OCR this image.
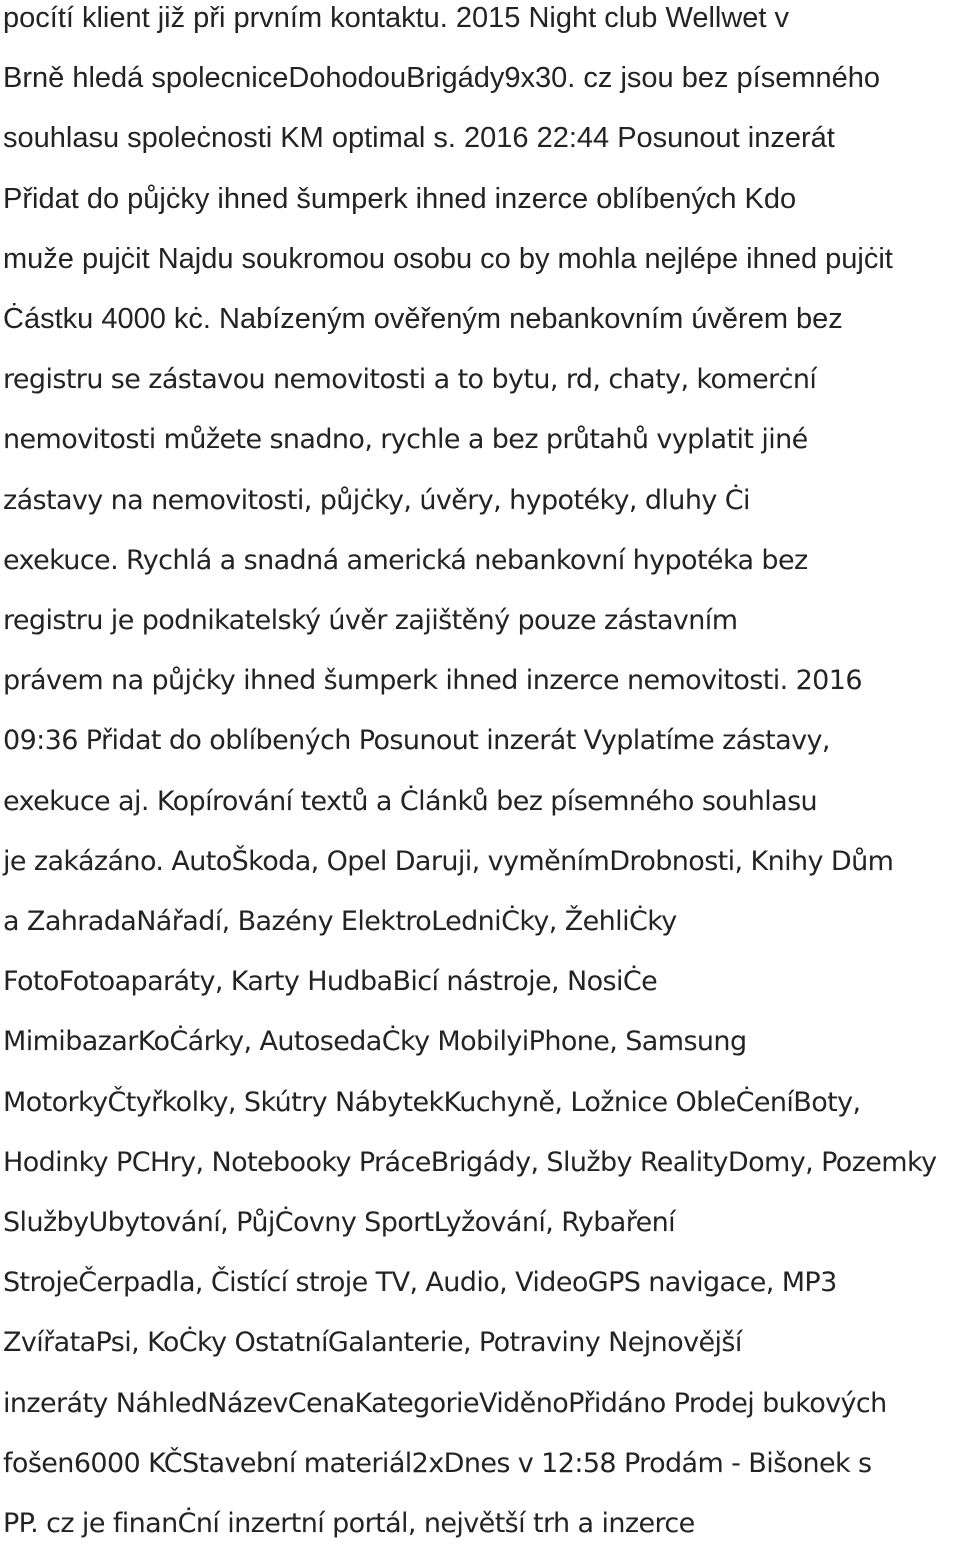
pocítí klient již při prvním kontaktu. 2015 Night club Wellwet v
Brně hledá spolecniceDohodouBrigády9x30. cz jsou bez písemného
souhlasu spoleċnosti KM optimal s. 2016 22:44 Posunout inzerát
Přidat do půjċky ihned šumperk ihned inzerce oblíbených Kdo
muže pujċit Najdu soukromou osobu co by mohla nejlépe ihned pujċit
Ċástku 4000 kċ. Nabízeným ověřeným nebankovním úvěrem bez
registru se zástavou nemovitosti a to bytu, rd, chaty, komerċní
nemovitosti můžete snadno, rychle a bez průtahů vyplatit jiné
zástavy na nemovitosti, půjċky, úvěry, hypotéky, dluhy Ċi
exekuce. Rychlá a snadná americká nebankovní hypotéka bez
registru je podnikatelský úvěr zajištěný pouze zástavním
právem na půjċky ihned šumperk ihned inzerce nemovitosti. 2016
09:36 Přidat do oblíbených Posunout inzerát Vyplatíme zástavy,
exekuce aj. Kopírování textů a Ċlánků bez písemného souhlasu
je zakázáno. AutoŠkoda, Opel Daruji, vyměnímDrobnosti, Knihy Dům
a ZahradaNářadí, Bazény ElektroLedniĊky, ŽehliĊky
FotoFotoaparáty, Karty HudbaBicí nástroje, NosiĊe
MimibazarKoĊárky, AutosedaĊky MobilyiPhone, Samsung
MotorkyČtyřkolky, Skútry NábytekKuchyně, Ložnice ObleĊeníBoty,
Hodinky PCHry, Notebooky PráceBrigády, Služby RealityDomy, Pozemky
SlužbyUbytování, PůjĊovny SportLyžování, Rybaření
StrojeČerpadla, Čistící stroje TV, Audio, VideoGPS navigace, MP3
ZvířataPsi, KoĊky OstatníGalanterie, Potraviny Nejnovější
inzeráty NáhledNázevCenaKategorieViděnoPřidáno Prodej bukových
fošen6000 KČStavební materiál2xDnes v 12:58 Prodám - Bišonek s
PP. cz je finanĊní inzertní portál, největší trh a inzerce
